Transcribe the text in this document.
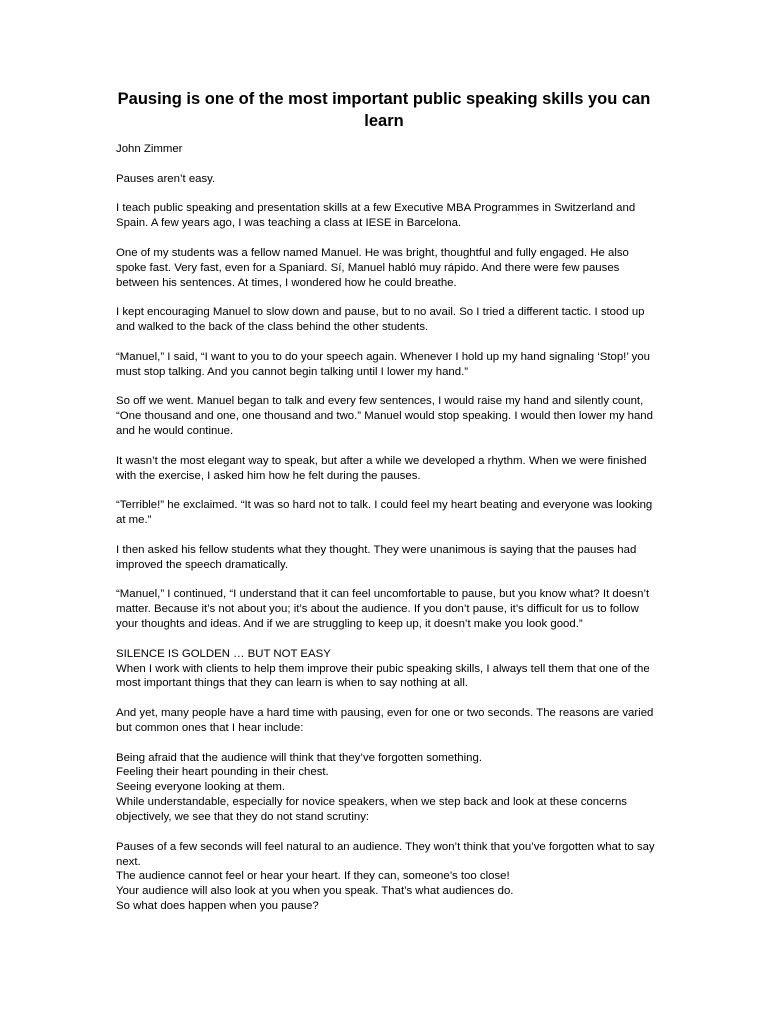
Pausing is one of the most important public speaking skills you can learn

John Zimmer

Pauses aren’t easy.

I teach public speaking and presentation skills at a few Executive MBA Programmes in Switzerland and Spain. A few years ago, I was teaching a class at IESE in Barcelona.

One of my students was a fellow named Manuel. He was bright, thoughtful and fully engaged. He also spoke fast. Very fast, even for a Spaniard. Sí, Manuel habló muy rápido. And there were few pauses between his sentences. At times, I wondered how he could breathe.

I kept encouraging Manuel to slow down and pause, but to no avail. So I tried a different tactic. I stood up and walked to the back of the class behind the other students.

“Manuel,” I said, “I want to you to do your speech again. Whenever I hold up my hand signaling ‘Stop!’ you must stop talking. And you cannot begin talking until I lower my hand.”

So off we went. Manuel began to talk and every few sentences, I would raise my hand and silently count, “One thousand and one, one thousand and two.” Manuel would stop speaking. I would then lower my hand and he would continue.

It wasn’t the most elegant way to speak, but after a while we developed a rhythm. When we were finished with the exercise, I asked him how he felt during the pauses.

“Terrible!” he exclaimed. “It was so hard not to talk. I could feel my heart beating and everyone was looking at me.”

I then asked his fellow students what they thought. They were unanimous is saying that the pauses had improved the speech dramatically.

“Manuel,” I continued, “I understand that it can feel uncomfortable to pause, but you know what? It doesn’t matter. Because it’s not about you; it’s about the audience. If you don’t pause, it’s difficult for us to follow your thoughts and ideas. And if we are struggling to keep up, it doesn’t make you look good.”

SILENCE IS GOLDEN … BUT NOT EASY

When I work with clients to help them improve their pubic speaking skills, I always tell them that one of the most important things that they can learn is when to say nothing at all.

And yet, many people have a hard time with pausing, even for one or two seconds. The reasons are varied but common ones that I hear include:

Being afraid that the audience will think that they’ve forgotten something.
Feeling their heart pounding in their chest.
Seeing everyone looking at them.

While understandable, especially for novice speakers, when we step back and look at these concerns objectively, we see that they do not stand scrutiny:

Pauses of a few seconds will feel natural to an audience. They won’t think that you’ve forgotten what to say next.
The audience cannot feel or hear your heart. If they can, someone’s too close!
Your audience will also look at you when you speak. That’s what audiences do.
So what does happen when you pause?
